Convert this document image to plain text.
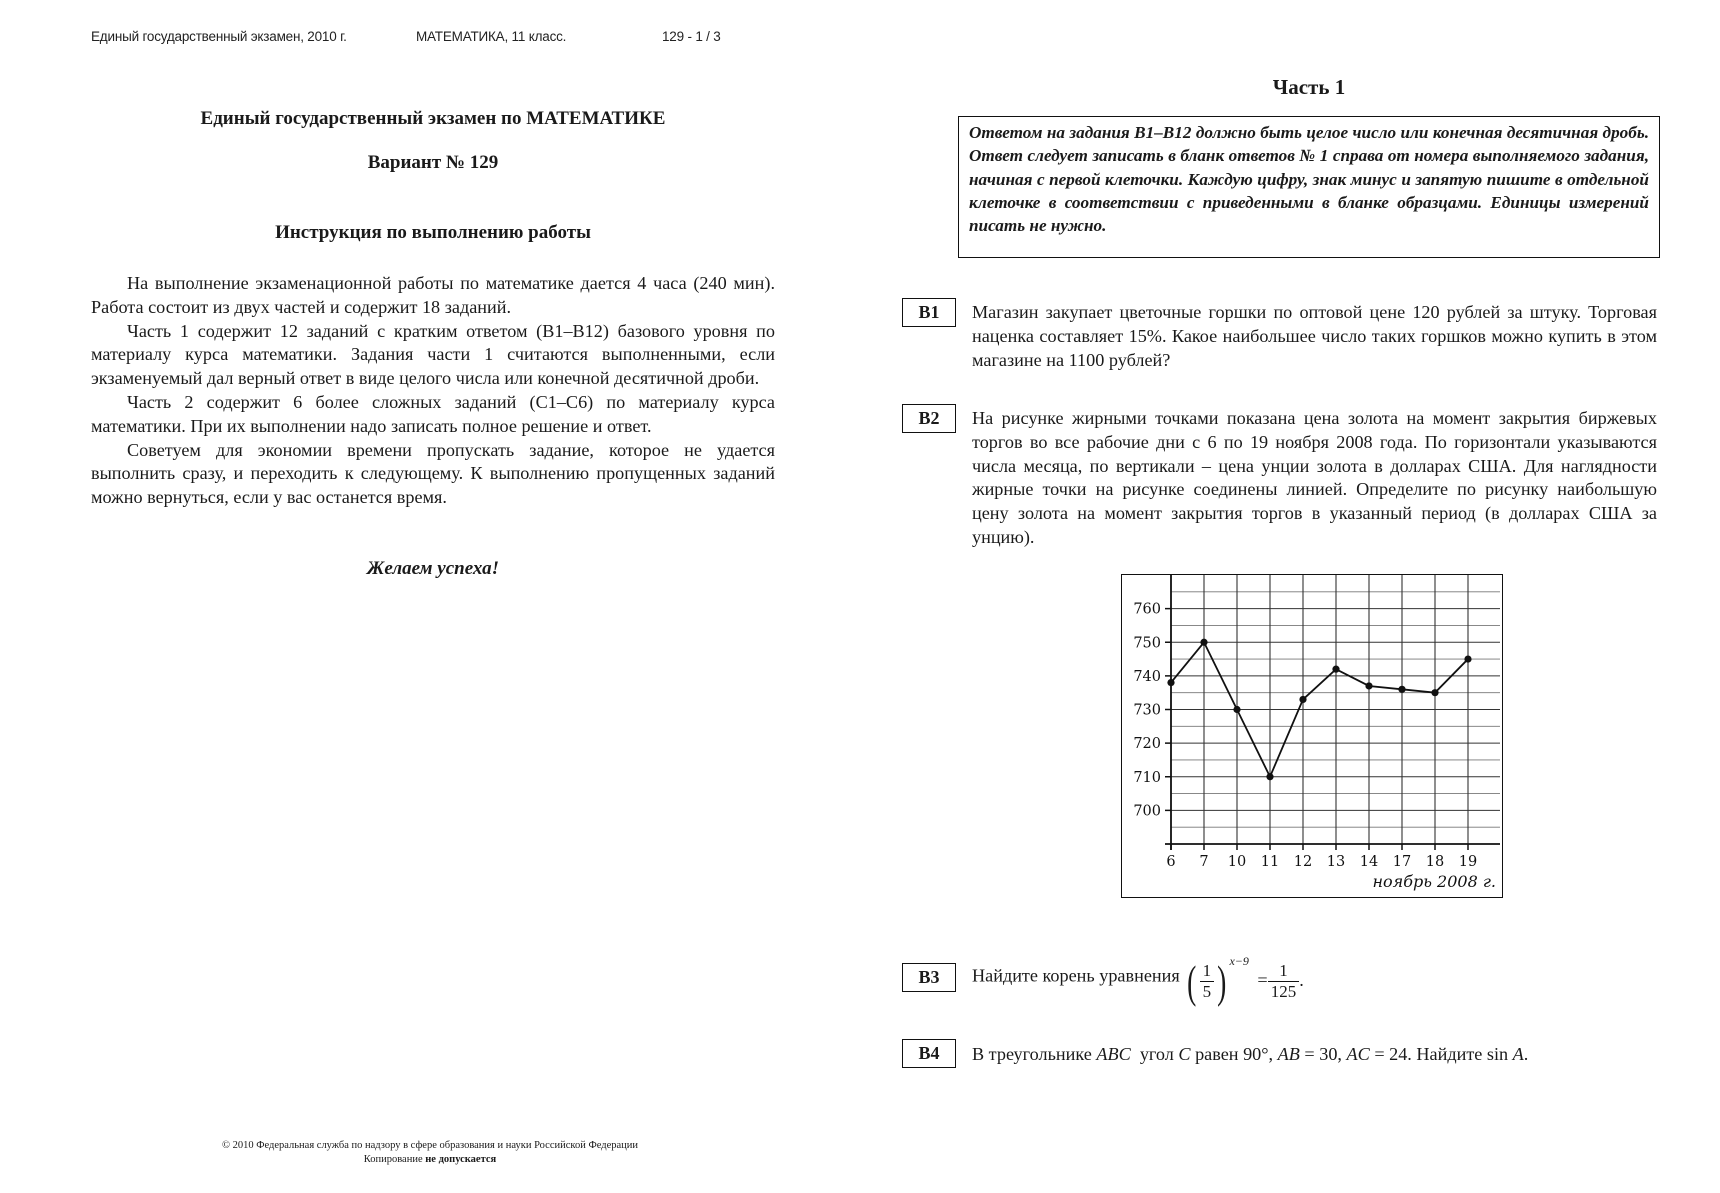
Единый государственный экзамен, 2010 г.	МАТЕМАТИКА, 11 класс.	129 - 1 / 3
Единый государственный экзамен по МАТЕМАТИКЕ
Вариант № 129
Инструкция по выполнению работы

На выполнение экзаменационной работы по математике дается 4 часа (240 мин). Работа состоит из двух частей и содержит 18 заданий.

Часть 1 содержит 12 заданий с кратким ответом (B1–B12) базового уровня по материалу курса математики. Задания части 1 считаются выполненными, если экзаменуемый дал верный ответ в виде целого числа или конечной десятичной дроби.

Часть 2 содержит 6 более сложных заданий (С1–С6) по материалу курса математики. При их выполнении надо записать полное решение и ответ.

Советуем для экономии времени пропускать задание, которое не удается выполнить сразу, и переходить к следующему. К выполнению пропущенных заданий можно вернуться, если у вас останется время.

Желаем успеха!
© 2010 Федеральная служба по надзору в сфере образования и науки Российской Федерации
Копирование не допускается
Часть 1
Ответом на задания B1–B12 должно быть целое число или конечная десятичная дробь. Ответ следует записать в бланк ответов № 1 справа от номера выполняемого задания, начиная с первой клеточки. Каждую цифру, знак минус и запятую пишите в отдельной клеточке в соответствии с приведенными в бланке образцами. Единицы измерений писать не нужно.
B1	Магазин закупает цветочные горшки по оптовой цене 120 рублей за штуку. Торговая наценка составляет 15%. Какое наибольшее число таких горшков можно купить в этом магазине на 1100 рублей?

B2	На рисунке жирными точками показана цена золота на момент закрытия биржевых торгов во все рабочие дни с 6 по 19 ноября 2008 года. По горизонтали указываются числа месяца, по вертикали – цена унции золота в долларах США. Для наглядности жирные точки на рисунке соединены линией. Определите по рисунку наибольшую цену золота на момент закрытия торгов в указанный период (в долларах США за унцию).

700
710
720
730
740
750
760
6 7 10 11 12 13 14 17 18 19
ноябрь 2008 г.
B3	Найдите корень уравнения ( $\frac{1}{5}$ ) $^{x-9} = \frac{1}{125}$ .
B4	В треугольнике ABC  угол C равен 90°, AB = 30, AC = 24. Найдите sin A.
